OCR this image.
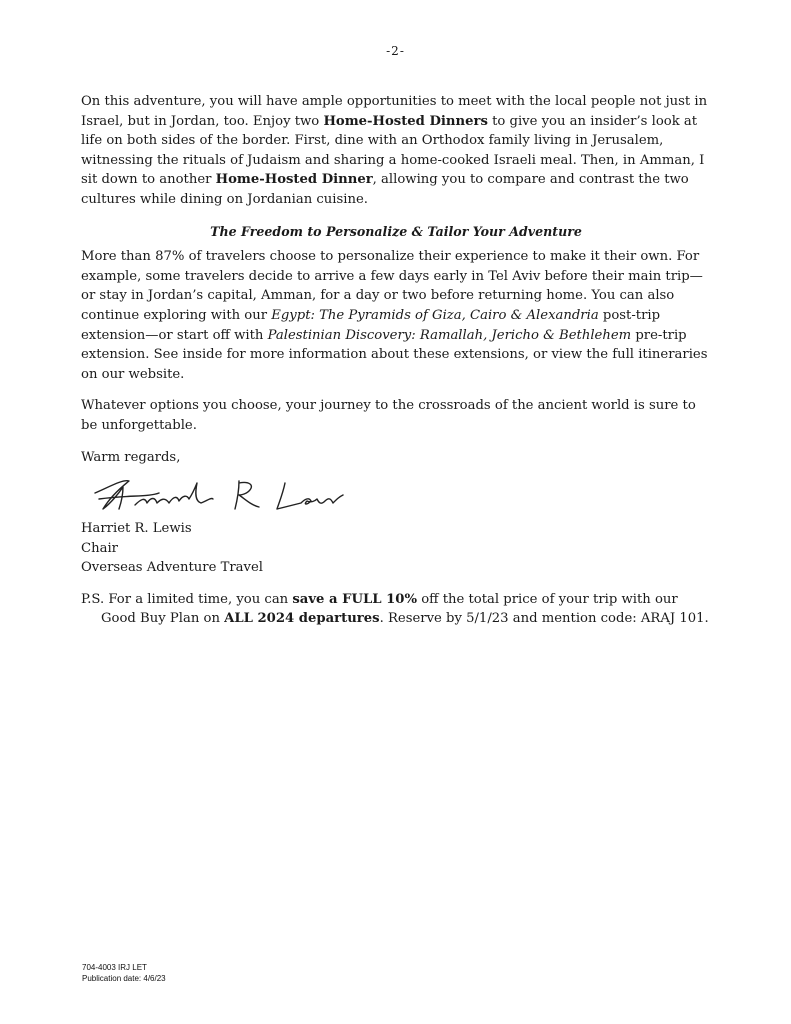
-2-

On this adventure, you will have ample opportunities to meet with the local people not just in Israel, but in Jordan, too. Enjoy two Home-Hosted Dinners to give you an insider’s look at life on both sides of the border. First, dine with an Orthodox family living in Jerusalem, witnessing the rituals of Judaism and sharing a home-cooked Israeli meal. Then, in Amman, I sit down to another Home-Hosted Dinner, allowing you to compare and contrast the two cultures while dining on Jordanian cuisine.

The Freedom to Personalize & Tailor Your Adventure

More than 87% of travelers choose to personalize their experience to make it their own. For example, some travelers decide to arrive a few days early in Tel Aviv before their main trip—or stay in Jordan’s capital, Amman, for a day or two before returning home. You can also continue exploring with our Egypt: The Pyramids of Giza, Cairo & Alexandria post-trip extension—or start off with Palestinian Discovery: Ramallah, Jericho & Bethlehem pre-trip extension. See inside for more information about these extensions, or view the full itineraries on our website.

Whatever options you choose, your journey to the crossroads of the ancient world is sure to be unforgettable.

Warm regards,

Harriet R. Lewis
Chair
Overseas Adventure Travel

P.S. For a limited time, you can save a FULL 10% off the total price of your trip with our Good Buy Plan on ALL 2024 departures. Reserve by 5/1/23 and mention code: ARAJ 101.

704-4003 IRJ LET
Publication date: 4/6/23
